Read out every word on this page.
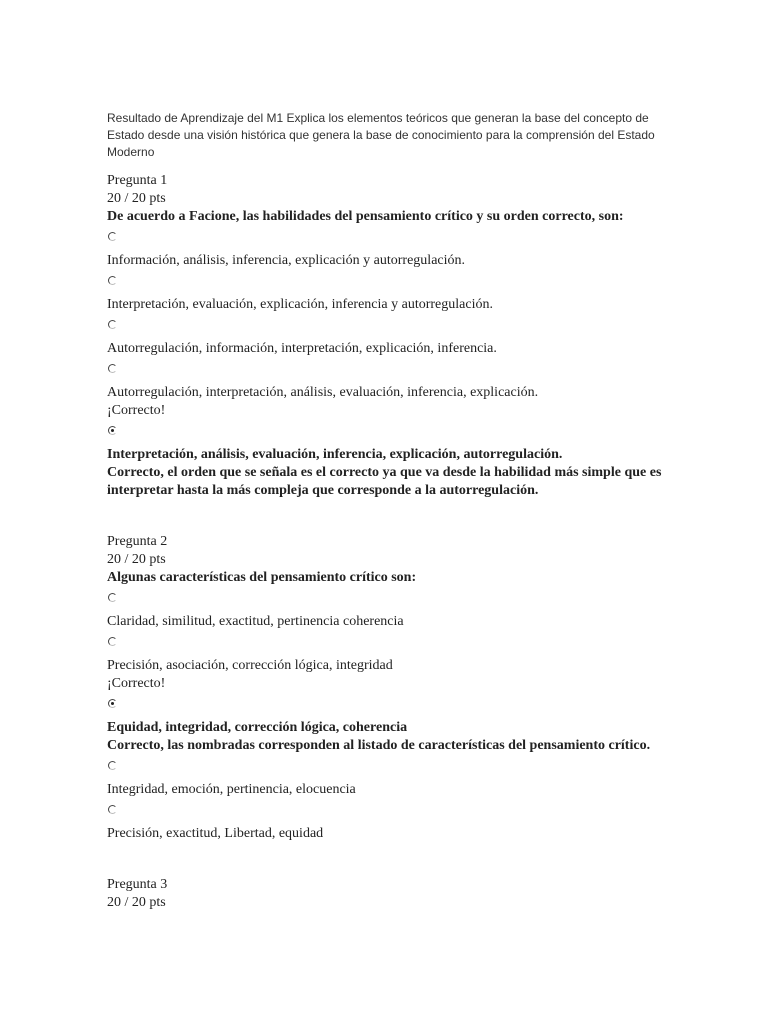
Resultado de Aprendizaje del M1 Explica los elementos teóricos que generan la base del concepto de Estado desde una visión histórica que genera la base de conocimiento para la comprensión del Estado Moderno
Pregunta 1
20 / 20 pts
De acuerdo a Facione, las habilidades del pensamiento crítico y su orden correcto, son:
Información, análisis, inferencia, explicación y autorregulación.
Interpretación, evaluación, explicación, inferencia y autorregulación.
Autorregulación, información, interpretación, explicación, inferencia.
Autorregulación, interpretación, análisis, evaluación, inferencia, explicación.
¡Correcto!
Interpretación, análisis, evaluación, inferencia, explicación, autorregulación.
Correcto, el orden que se señala es el correcto ya que va desde la habilidad más simple que es interpretar hasta la más compleja que corresponde a la autorregulación.
Pregunta 2
20 / 20 pts
Algunas características del pensamiento crítico son:
Claridad, similitud, exactitud, pertinencia coherencia
Precisión, asociación, corrección lógica, integridad
¡Correcto!
Equidad, integridad, corrección lógica, coherencia
Correcto, las nombradas corresponden al listado de características del pensamiento crítico.
Integridad, emoción, pertinencia, elocuencia
Precisión, exactitud, Libertad, equidad
Pregunta 3
20 / 20 pts
